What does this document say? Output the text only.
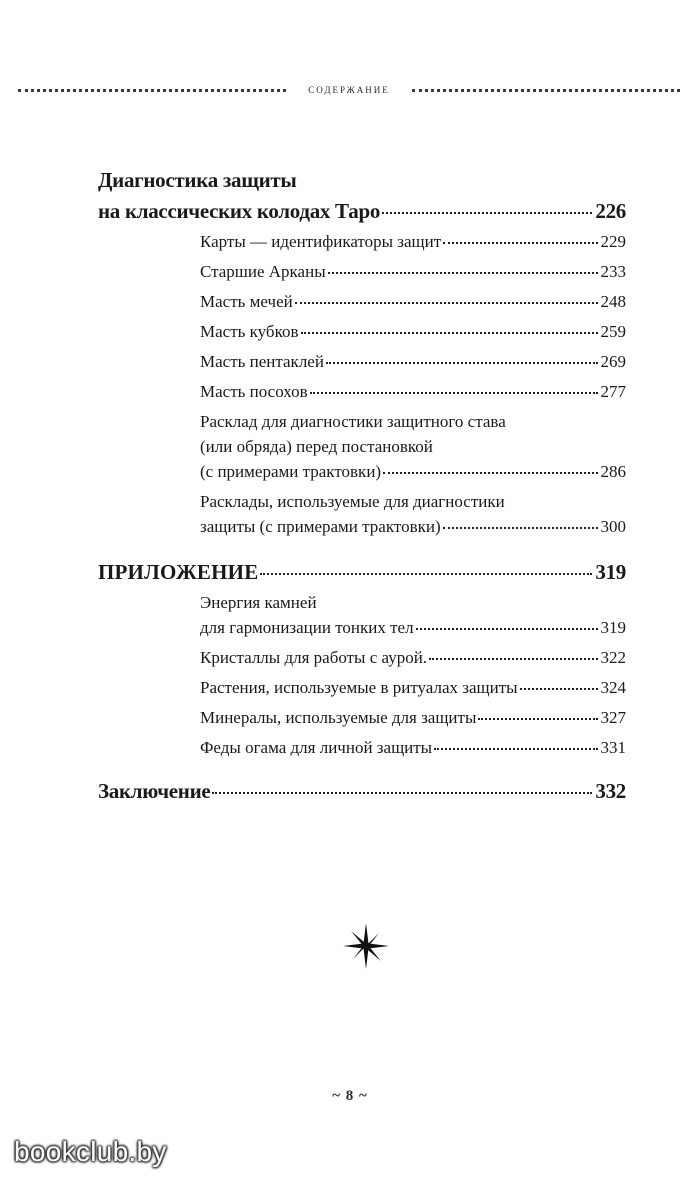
содержание
Диагностика защиты
на классических колодах Таро	226
Карты — идентификаторы защит	229
Старшие Арканы	233
Масть мечей	248
Масть кубков	259
Масть пентаклей	269
Масть посохов	277
Расклад для диагностики защитного става
(или обряда) перед постановкой
(с примерами трактовки)	286
Расклады, используемые для диагностики
защиты (с примерами трактовки)	300
ПРИЛОЖЕНИЕ	319
Энергия камней
для гармонизации тонких тел	319
Кристаллы для работы с аурой.	322
Растения, используемые в ритуалах защиты	324
Минералы, используемые для защиты	327
Феды огама для личной защиты	331
Заключение	332
~ 8 ~
bookclub.by
